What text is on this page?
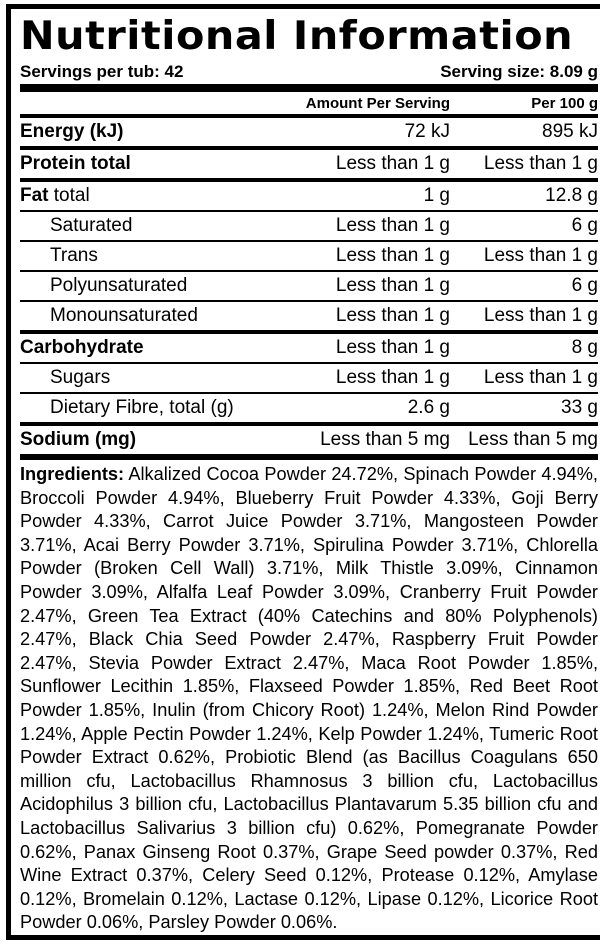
Nutritional Information
Servings per tub: 42	Serving size: 8.09 g
	Amount Per Serving	Per 100 g
Energy (kJ)	72 kJ	895 kJ
Protein total	Less than 1 g	Less than 1 g
Fat total	1 g	12.8 g
Saturated	Less than 1 g	6 g
Trans	Less than 1 g	Less than 1 g
Polyunsaturated	Less than 1 g	6 g
Monounsaturated	Less than 1 g	Less than 1 g
Carbohydrate	Less than 1 g	8 g
Sugars	Less than 1 g	Less than 1 g
Dietary Fibre, total (g)	2.6 g	33 g
Sodium (mg)	Less than 5 mg	Less than 5 mg
Ingredients: Alkalized Cocoa Powder 24.72%, Spinach Powder 4.94%, Broccoli Powder 4.94%, Blueberry Fruit Powder 4.33%, Goji Berry Powder 4.33%, Carrot Juice Powder 3.71%, Mangosteen Powder 3.71%, Acai Berry Powder 3.71%, Spirulina Powder 3.71%, Chlorella Powder (Broken Cell Wall) 3.71%, Milk Thistle 3.09%, Cinnamon Powder 3.09%, Alfalfa Leaf Powder 3.09%, Cranberry Fruit Powder 2.47%, Green Tea Extract (40% Catechins and 80% Polyphenols) 2.47%, Black Chia Seed Powder 2.47%, Raspberry Fruit Powder 2.47%, Stevia Powder Extract 2.47%, Maca Root Powder 1.85%, Sunflower Lecithin 1.85%, Flaxseed Powder 1.85%, Red Beet Root Powder 1.85%, Inulin (from Chicory Root) 1.24%, Melon Rind Powder 1.24%, Apple Pectin Powder 1.24%, Kelp Powder 1.24%, Tumeric Root Powder Extract 0.62%, Probiotic Blend (as Bacillus Coagulans 650 million cfu, Lactobacillus Rhamnosus 3 billion cfu, Lactobacillus Acidophilus 3 billion cfu, Lactobacillus Plantavarum 5.35 billion cfu and Lactobacillus Salivarius 3 billion cfu) 0.62%, Pomegranate Powder 0.62%, Panax Ginseng Root 0.37%, Grape Seed powder 0.37%, Red Wine Extract 0.37%, Celery Seed 0.12%, Protease 0.12%, Amylase 0.12%, Bromelain 0.12%, Lactase 0.12%, Lipase 0.12%, Licorice Root Powder 0.06%, Parsley Powder 0.06%.
